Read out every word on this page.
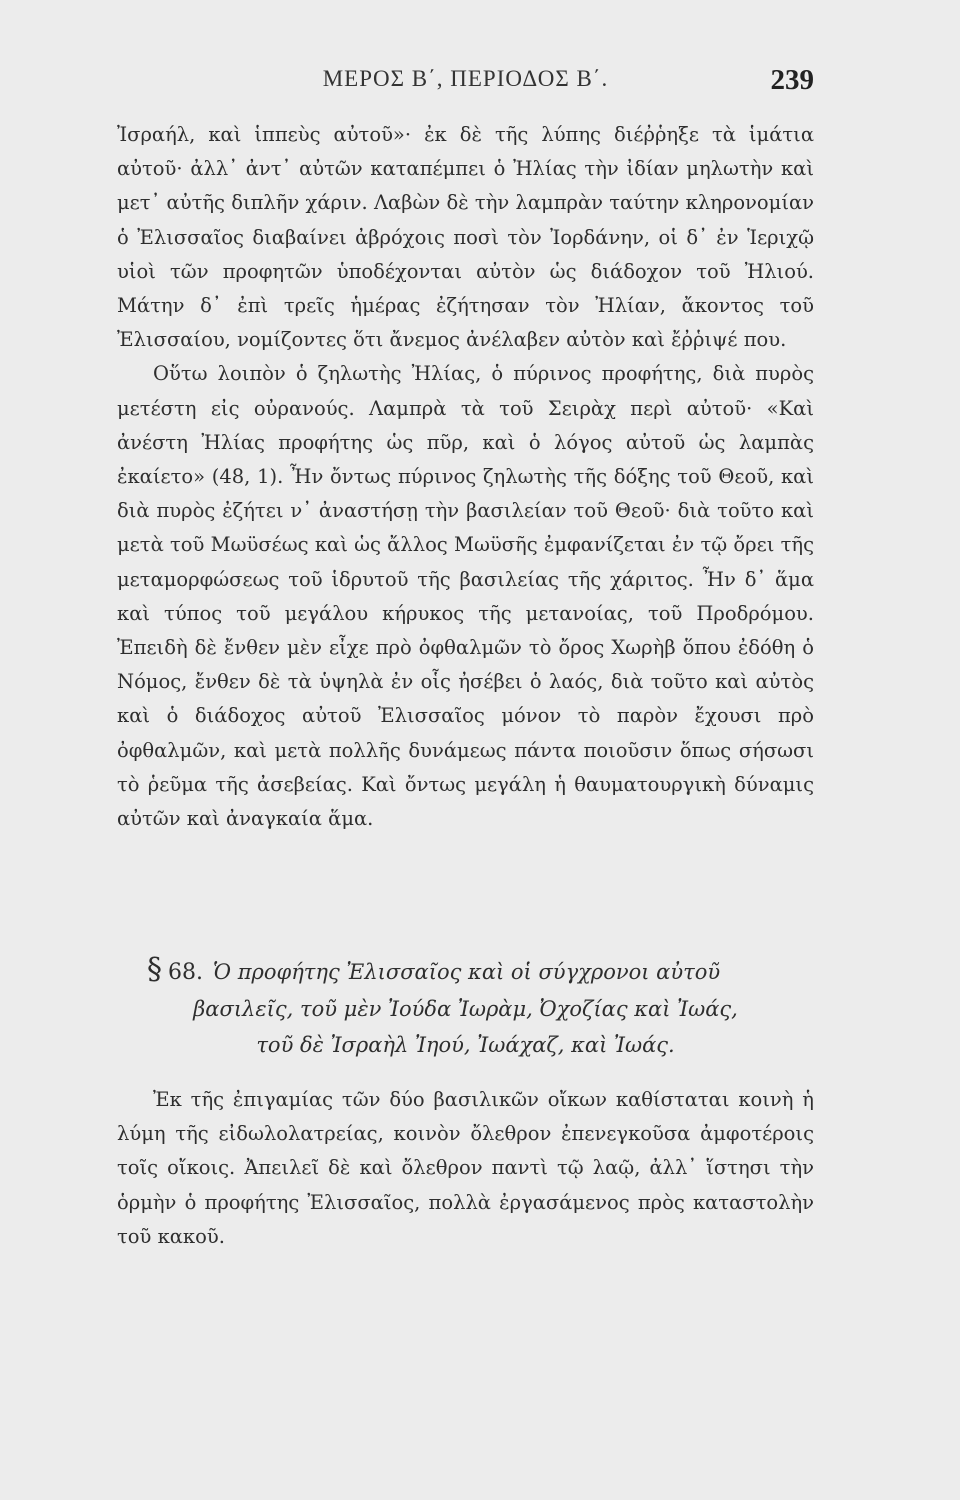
ΜΕΡΟΣ Β΄, ΠΕΡΙΟΔΟΣ Β΄.	239

Ἰσραήλ, καὶ ἱππεὺς αὐτοῦ»· ἐκ δὲ τῆς λύπης διέῤῥηξε τὰ ἱμάτια αὐτοῦ· ἀλλ᾽ ἀντ᾽ αὐτῶν καταπέμπει ὁ Ἠλίας τὴν ἰδίαν μηλωτὴν καὶ μετ᾽ αὐτῆς διπλῆν χάριν. Λαβὼν δὲ τὴν λαμπρὰν ταύτην κληρονομίαν ὁ Ἐλισσαῖος διαβαίνει ἀβρόχοις ποσὶ τὸν Ἰορδάνην, οἱ δ᾽ ἐν Ἱεριχῷ υἱοὶ τῶν προφητῶν ὑποδέχονται αὐτὸν ὡς διάδοχον τοῦ Ἠλιού. Μάτην δ᾽ ἐπὶ τρεῖς ἡμέρας ἐζήτησαν τὸν Ἠλίαν, ἄκοντος τοῦ Ἐλισσαίου, νομίζοντες ὅτι ἄνεμος ἀνέλαβεν αὐτὸν καὶ ἔῤῥιψέ που.

Οὕτω λοιπὸν ὁ ζηλωτὴς Ἠλίας, ὁ πύρινος προφήτης, διὰ πυρὸς μετέστη εἰς οὐρανούς. Λαμπρὰ τὰ τοῦ Σειρὰχ περὶ αὐτοῦ· «Καὶ ἀνέστη Ἠλίας προφήτης ὡς πῦρ, καὶ ὁ λόγος αὐτοῦ ὡς λαμπὰς ἐκαίετο» (48, 1). Ἦν ὄντως πύρινος ζηλωτὴς τῆς δόξης τοῦ Θεοῦ, καὶ διὰ πυρὸς ἐζήτει ν᾽ ἀναστήσῃ τὴν βασιλείαν τοῦ Θεοῦ· διὰ τοῦτο καὶ μετὰ τοῦ Μωϋσέως καὶ ὡς ἄλλος Μωϋσῆς ἐμφανίζεται ἐν τῷ ὄρει τῆς μεταμορφώσεως τοῦ ἱδρυτοῦ τῆς βασιλείας τῆς χάριτος. Ἦν δ᾽ ἅμα καὶ τύπος τοῦ μεγάλου κήρυκος τῆς μετανοίας, τοῦ Προδρόμου. Ἐπειδὴ δὲ ἔνθεν μὲν εἶχε πρὸ ὀφθαλμῶν τὸ ὄρος Χωρὴβ ὅπου ἐδόθη ὁ Νόμος, ἔνθεν δὲ τὰ ὑψηλὰ ἐν οἷς ἠσέβει ὁ λαός, διὰ τοῦτο καὶ αὐτὸς καὶ ὁ διάδοχος αὐτοῦ Ἐλισσαῖος μόνον τὸ παρὸν ἔχουσι πρὸ ὀφθαλμῶν, καὶ μετὰ πολλῆς δυνάμεως πάντα ποιοῦσιν ὅπως σήσωσι τὸ ῥεῦμα τῆς ἀσεβείας. Καὶ ὄντως μεγάλη ἡ θαυματουργικὴ δύναμις αὐτῶν καὶ ἀναγκαία ἅμα.

§ 68. Ὁ προφήτης Ἐλισσαῖος καὶ οἱ σύγχρονοι αὐτοῦ
βασιλεῖς, τοῦ μὲν Ἰούδα Ἰωρὰμ, Ὀχοζίας καὶ Ἰωάς,
τοῦ δὲ Ἰσραὴλ Ἰηού, Ἰωάχαζ, καὶ Ἰωάς.

Ἐκ τῆς ἐπιγαμίας τῶν δύο βασιλικῶν οἴκων καθίσταται κοινὴ ἡ λύμη τῆς εἰδωλολατρείας, κοινὸν ὄλεθρον ἐπενεγκοῦσα ἀμφοτέροις τοῖς οἴκοις. Ἀπειλεῖ δὲ καὶ ὄλεθρον παντὶ τῷ λαῷ, ἀλλ᾽ ἵστησι τὴν ὁρμὴν ὁ προφήτης Ἐλισσαῖος, πολλὰ ἐργασάμενος πρὸς καταστολὴν τοῦ κακοῦ.
